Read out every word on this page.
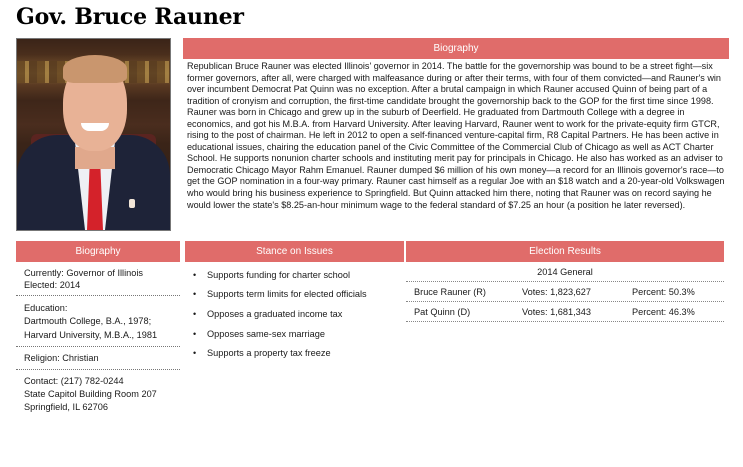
Gov. Bruce Rauner
Biography
Republican Bruce Rauner was elected Illinois' governor in 2014. The battle for the governorship was bound to be a street fight—six former governors, after all, were charged with malfeasance during or after their terms, with four of them convicted—and Rauner's win over incumbent Democrat Pat Quinn was no exception. After a brutal campaign in which Rauner accused Quinn of being part of a tradition of cronyism and corruption, the first-time candidate brought the governorship back to the GOP for the first time since 1998. Rauner was born in Chicago and grew up in the suburb of Deerfield. He graduated from Dartmouth College with a degree in economics, and got his M.B.A. from Harvard University. After leaving Harvard, Rauner went to work for the private-equity firm GTCR, rising to the post of chairman. He left in 2012 to open a self-financed venture-capital firm, R8 Capital Partners. He has been active in educational issues, chairing the education panel of the Civic Committee of the Commercial Club of Chicago as well as ACT Charter School. He supports nonunion charter schools and instituting merit pay for principals in Chicago. He also has worked as an adviser to Democratic Chicago Mayor Rahm Emanuel. Rauner dumped $6 million of his own money—a record for an Illinois governor's race—to get the GOP nomination in a four-way primary. Rauner cast himself as a regular Joe with an $18 watch and a 20-year-old Volkswagen who would bring his business experience to Springfield. But Quinn attacked him there, noting that Rauner was on record saying he would lower the state's $8.25-an-hour minimum wage to the federal standard of $7.25 an hour (a position he later reversed).
Biography	Stance on Issues	Election Results
Currently: Governor of Illinois
Elected: 2014
Education:
Dartmouth College, B.A., 1978;
Harvard University, M.B.A., 1981
Religion: Christian
Contact: (217) 782-0244
State Capitol Building Room 207
Springfield, IL 62706
•	Supports funding for charter school
•	Supports term limits for elected officials
•	Opposes a graduated income tax
•	Opposes same-sex marriage
•	Supports a property tax freeze
2014 General
Bruce Rauner (R)	Votes: 1,823,627	Percent: 50.3%
Pat Quinn (D)	Votes: 1,681,343	Percent: 46.3%
